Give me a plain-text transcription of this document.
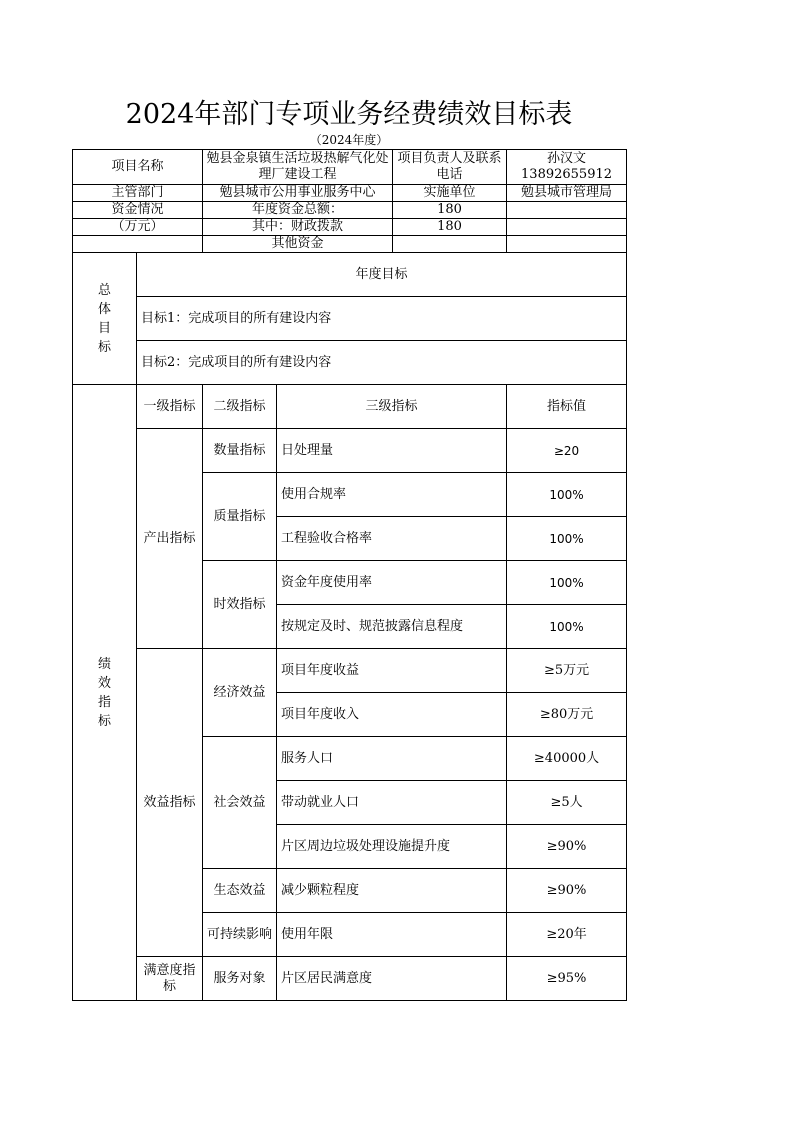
2024年部门专项业务经费绩效目标表
（2024年度）
项目名称		勉县金泉镇生活垃圾热解气化处理厂建设工程		项目负责人及联系电话	孙汉文
13892655912

主管部门		勉县城市公用事业服务中心		实施单位	勉县城市管理局
资金情况		年度资金总额：		180	
（万元）		其中：财政拨款		180	
		其他资金			

总体目标	年度目标				
	目标1：完成项目的所有建设内容				
	目标2：完成项目的所有建设内容				

绩效指标	一级指标	二级指标	三级指标		指标值
	产出指标	数量指标	日处理量		≥20
		质量指标	使用合规率		100%
			工程验收合格率		100%
		时效指标	资金年度使用率		100%
			按规定及时、规范披露信息程度		100%
	效益指标	经济效益	项目年度收益		≥5万元
			项目年度收入		≥80万元
		社会效益	服务人口		≥40000人
			带动就业人口		≥5人
			片区周边垃圾处理设施提升度		≥90%
		生态效益	减少颗粒程度		≥90%
		可持续影响	使用年限		≥20年
	满意度指标	服务对象	片区居民满意度		≥95%
